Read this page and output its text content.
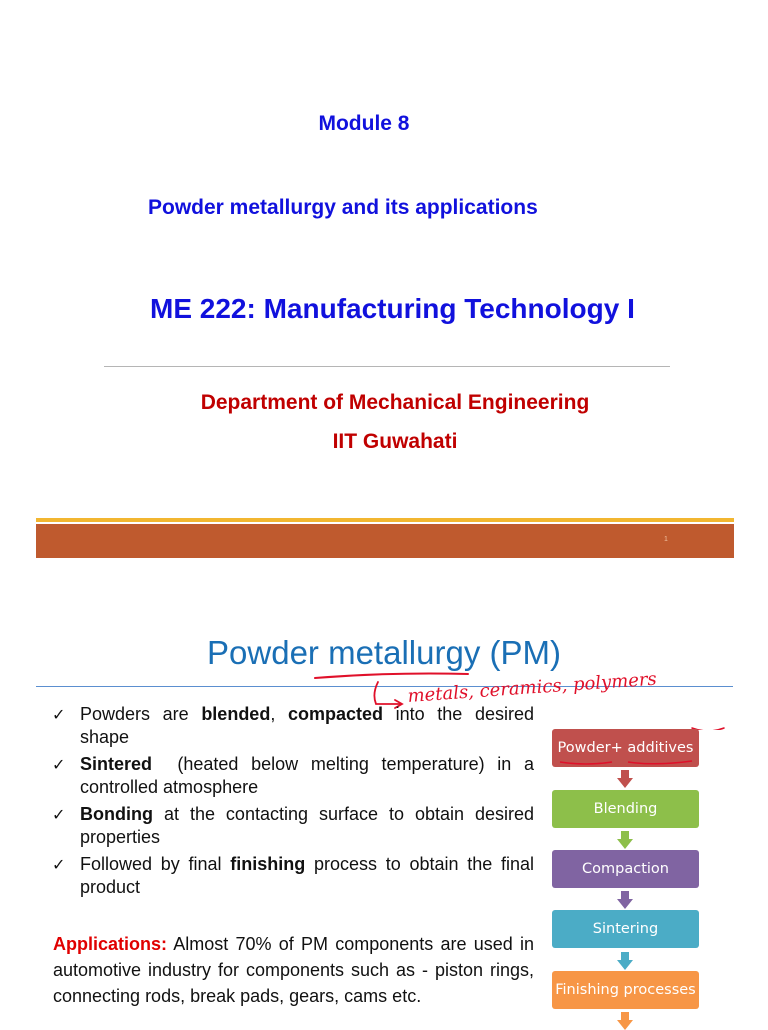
Module 8
Powder metallurgy and its applications
ME 222: Manufacturing Technology I
Department of Mechanical Engineering
IIT Guwahati
1
Powder metallurgy (PM)
metals, ceramics, polymers
✓ Powders are blended, compacted into the desired shape
✓ Sintered  (heated below melting temperature) in a controlled atmosphere
✓ Bonding at the contacting surface to obtain desired properties
✓ Followed by final finishing process to obtain the final product

Applications: Almost 70% of PM components are used in automotive industry for components such as - piston rings, connecting rods, break pads, gears, cams etc.

Powder+ additives
Blending
Compaction
Sintering
Finishing processes
